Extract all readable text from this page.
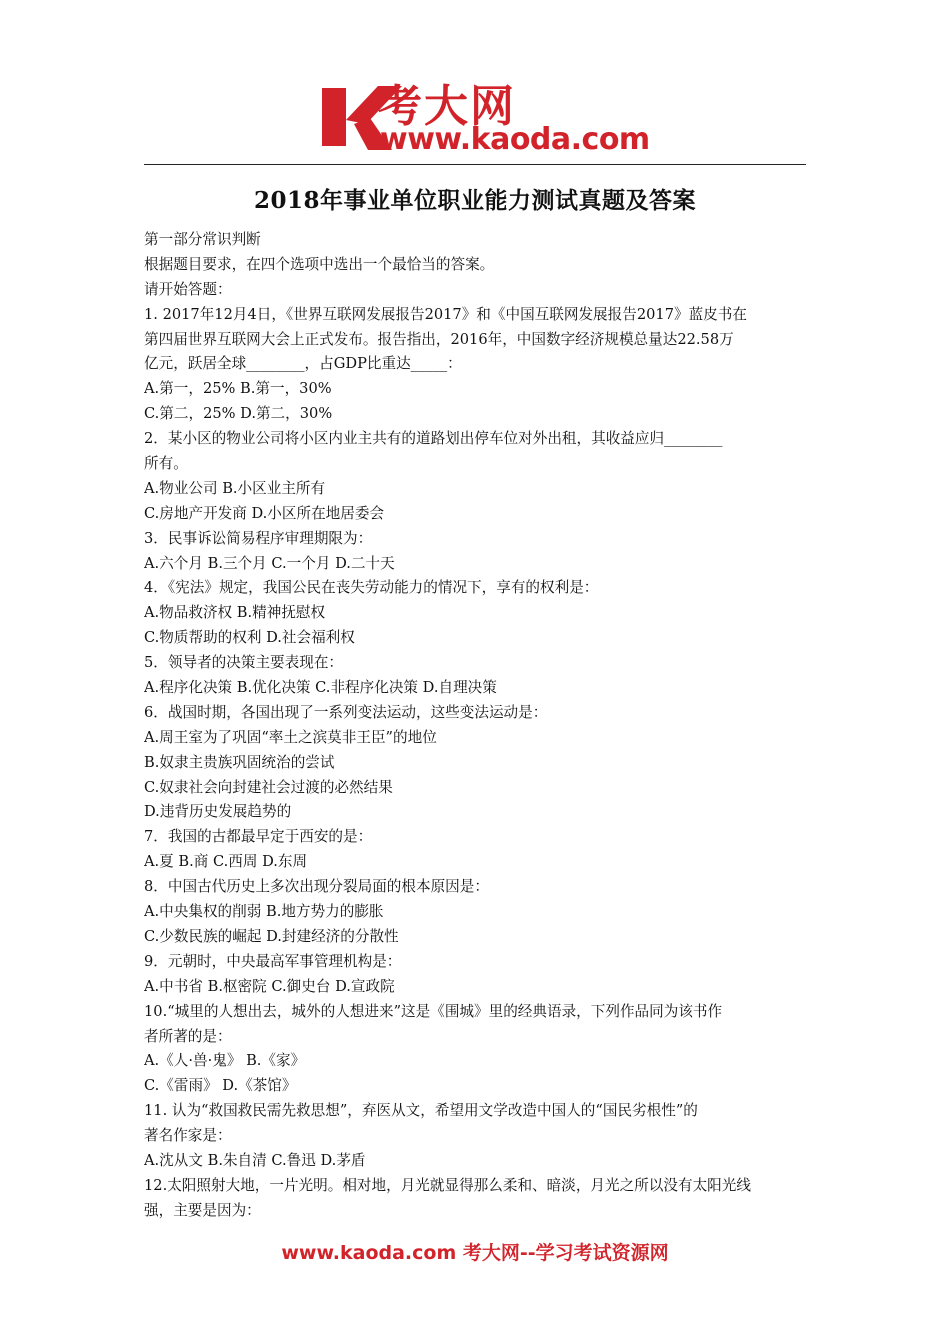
考大网
www.kaoda.com
2018年事业单位职业能力测试真题及答案
第一部分常识判断
根据题目要求，在四个选项中选出一个最恰当的答案。
请开始答题：
1. 2017年12月4日，《世界互联网发展报告2017》和《中国互联网发展报告2017》蓝皮书在
第四届世界互联网大会上正式发布。报告指出，2016年，中国数字经济规模总量达22.58万
亿元，跃居全球________，占GDP比重达_____：
A.第一，25% B.第一，30%
C.第二，25% D.第二，30%
2．某小区的物业公司将小区内业主共有的道路划出停车位对外出租，其收益应归________
所有。
A.物业公司 B.小区业主所有
C.房地产开发商 D.小区所在地居委会
3．民事诉讼简易程序审理期限为：
A.六个月 B.三个月 C.一个月 D.二十天
4．《宪法》规定，我国公民在丧失劳动能力的情况下，享有的权利是：
A.物品救济权 B.精神抚慰权
C.物质帮助的权利 D.社会福利权
5．领导者的决策主要表现在：
A.程序化决策 B.优化决策 C.非程序化决策 D.自理决策
6．战国时期，各国出现了一系列变法运动，这些变法运动是：
A.周王室为了巩固“率土之滨莫非王臣”的地位
B.奴隶主贵族巩固统治的尝试
C.奴隶社会向封建社会过渡的必然结果
D.违背历史发展趋势的
7．我国的古都最早定于西安的是：
A.夏 B.商 C.西周 D.东周
8．中国古代历史上多次出现分裂局面的根本原因是：
A.中央集权的削弱 B.地方势力的膨胀
C.少数民族的崛起 D.封建经济的分散性
9．元朝时，中央最高军事管理机构是：
A.中书省 B.枢密院 C.御史台 D.宣政院
10.“城里的人想出去，城外的人想进来”这是《围城》里的经典语录，下列作品同为该书作
者所著的是：
A.《人·兽·鬼》 B.《家》
C.《雷雨》 D.《茶馆》
11. 认为“救国救民需先救思想”，弃医从文，希望用文学改造中国人的“国民劣根性”的
著名作家是：
A.沈从文 B.朱自清 C.鲁迅 D.茅盾
12.太阳照射大地，一片光明。相对地，月光就显得那么柔和、暗淡，月光之所以没有太阳光线
强，主要是因为：
www.kaoda.com 考大网--学习考试资源网
